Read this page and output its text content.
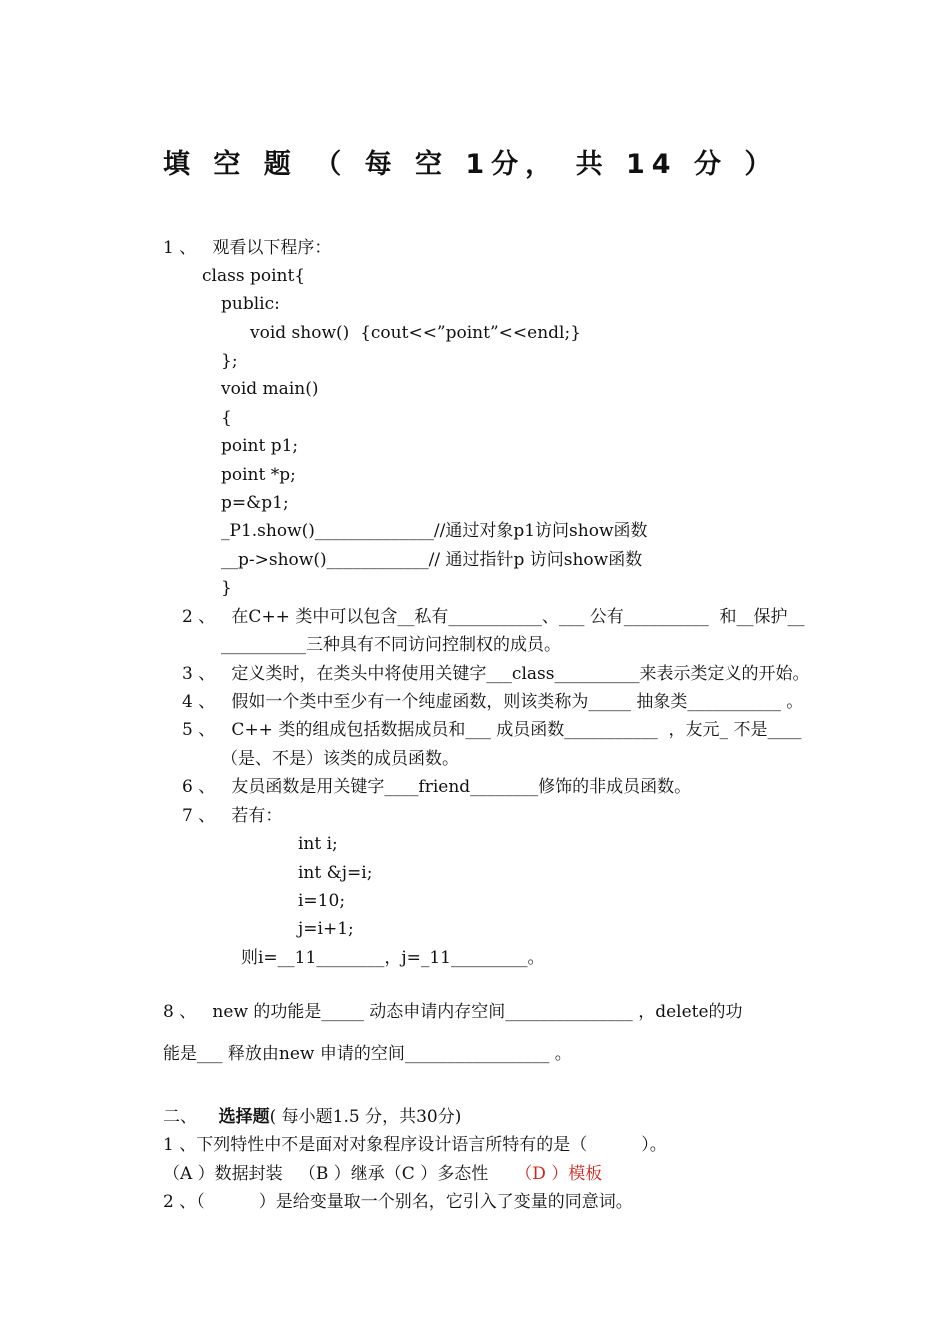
填 空 题 （ 每 空 1分， 共 14 分 ）
1 、   观看以下程序：
class point{
public:
void show()  {cout<<”point”<<endl;}
};
void main()
{
point p1;
point *p;
p=&p1;
_P1.show()______________//通过对象p1访问show函数
__p->show()____________// 通过指针p 访问show函数
}
2 、   在C++ 类中可以包含__私有___________、___ 公有__________  和__保护__
__________三种具有不同访问控制权的成员。
3 、   定义类时，在类头中将使用关键字___class__________来表示类定义的开始。
4 、   假如一个类中至少有一个纯虚函数，则该类称为_____ 抽象类___________ 。
5 、   C++ 类的组成包括数据成员和___ 成员函数___________  ，友元_ 不是____
（是、不是）该类的成员函数。
6 、   友员函数是用关键字____friend________修饰的非成员函数。
7 、   若有：
int i;
int &j=i;
i=10;
j=i+1;
则i=__11________，j=_11_________。
8 、   new 的功能是_____ 动态申请内存空间_______________ ，delete的功
能是___ 释放由new 申请的空间_________________ 。
二、 选择题( 每小题1.5 分，共30分)
1 、下列特性中不是面对对象程序设计语言所特有的是（          ）。
（A ）数据封装   （B ）继承（C ）多态性 （D ）模板
2 、（          ）是给变量取一个别名，它引入了变量的同意词。
